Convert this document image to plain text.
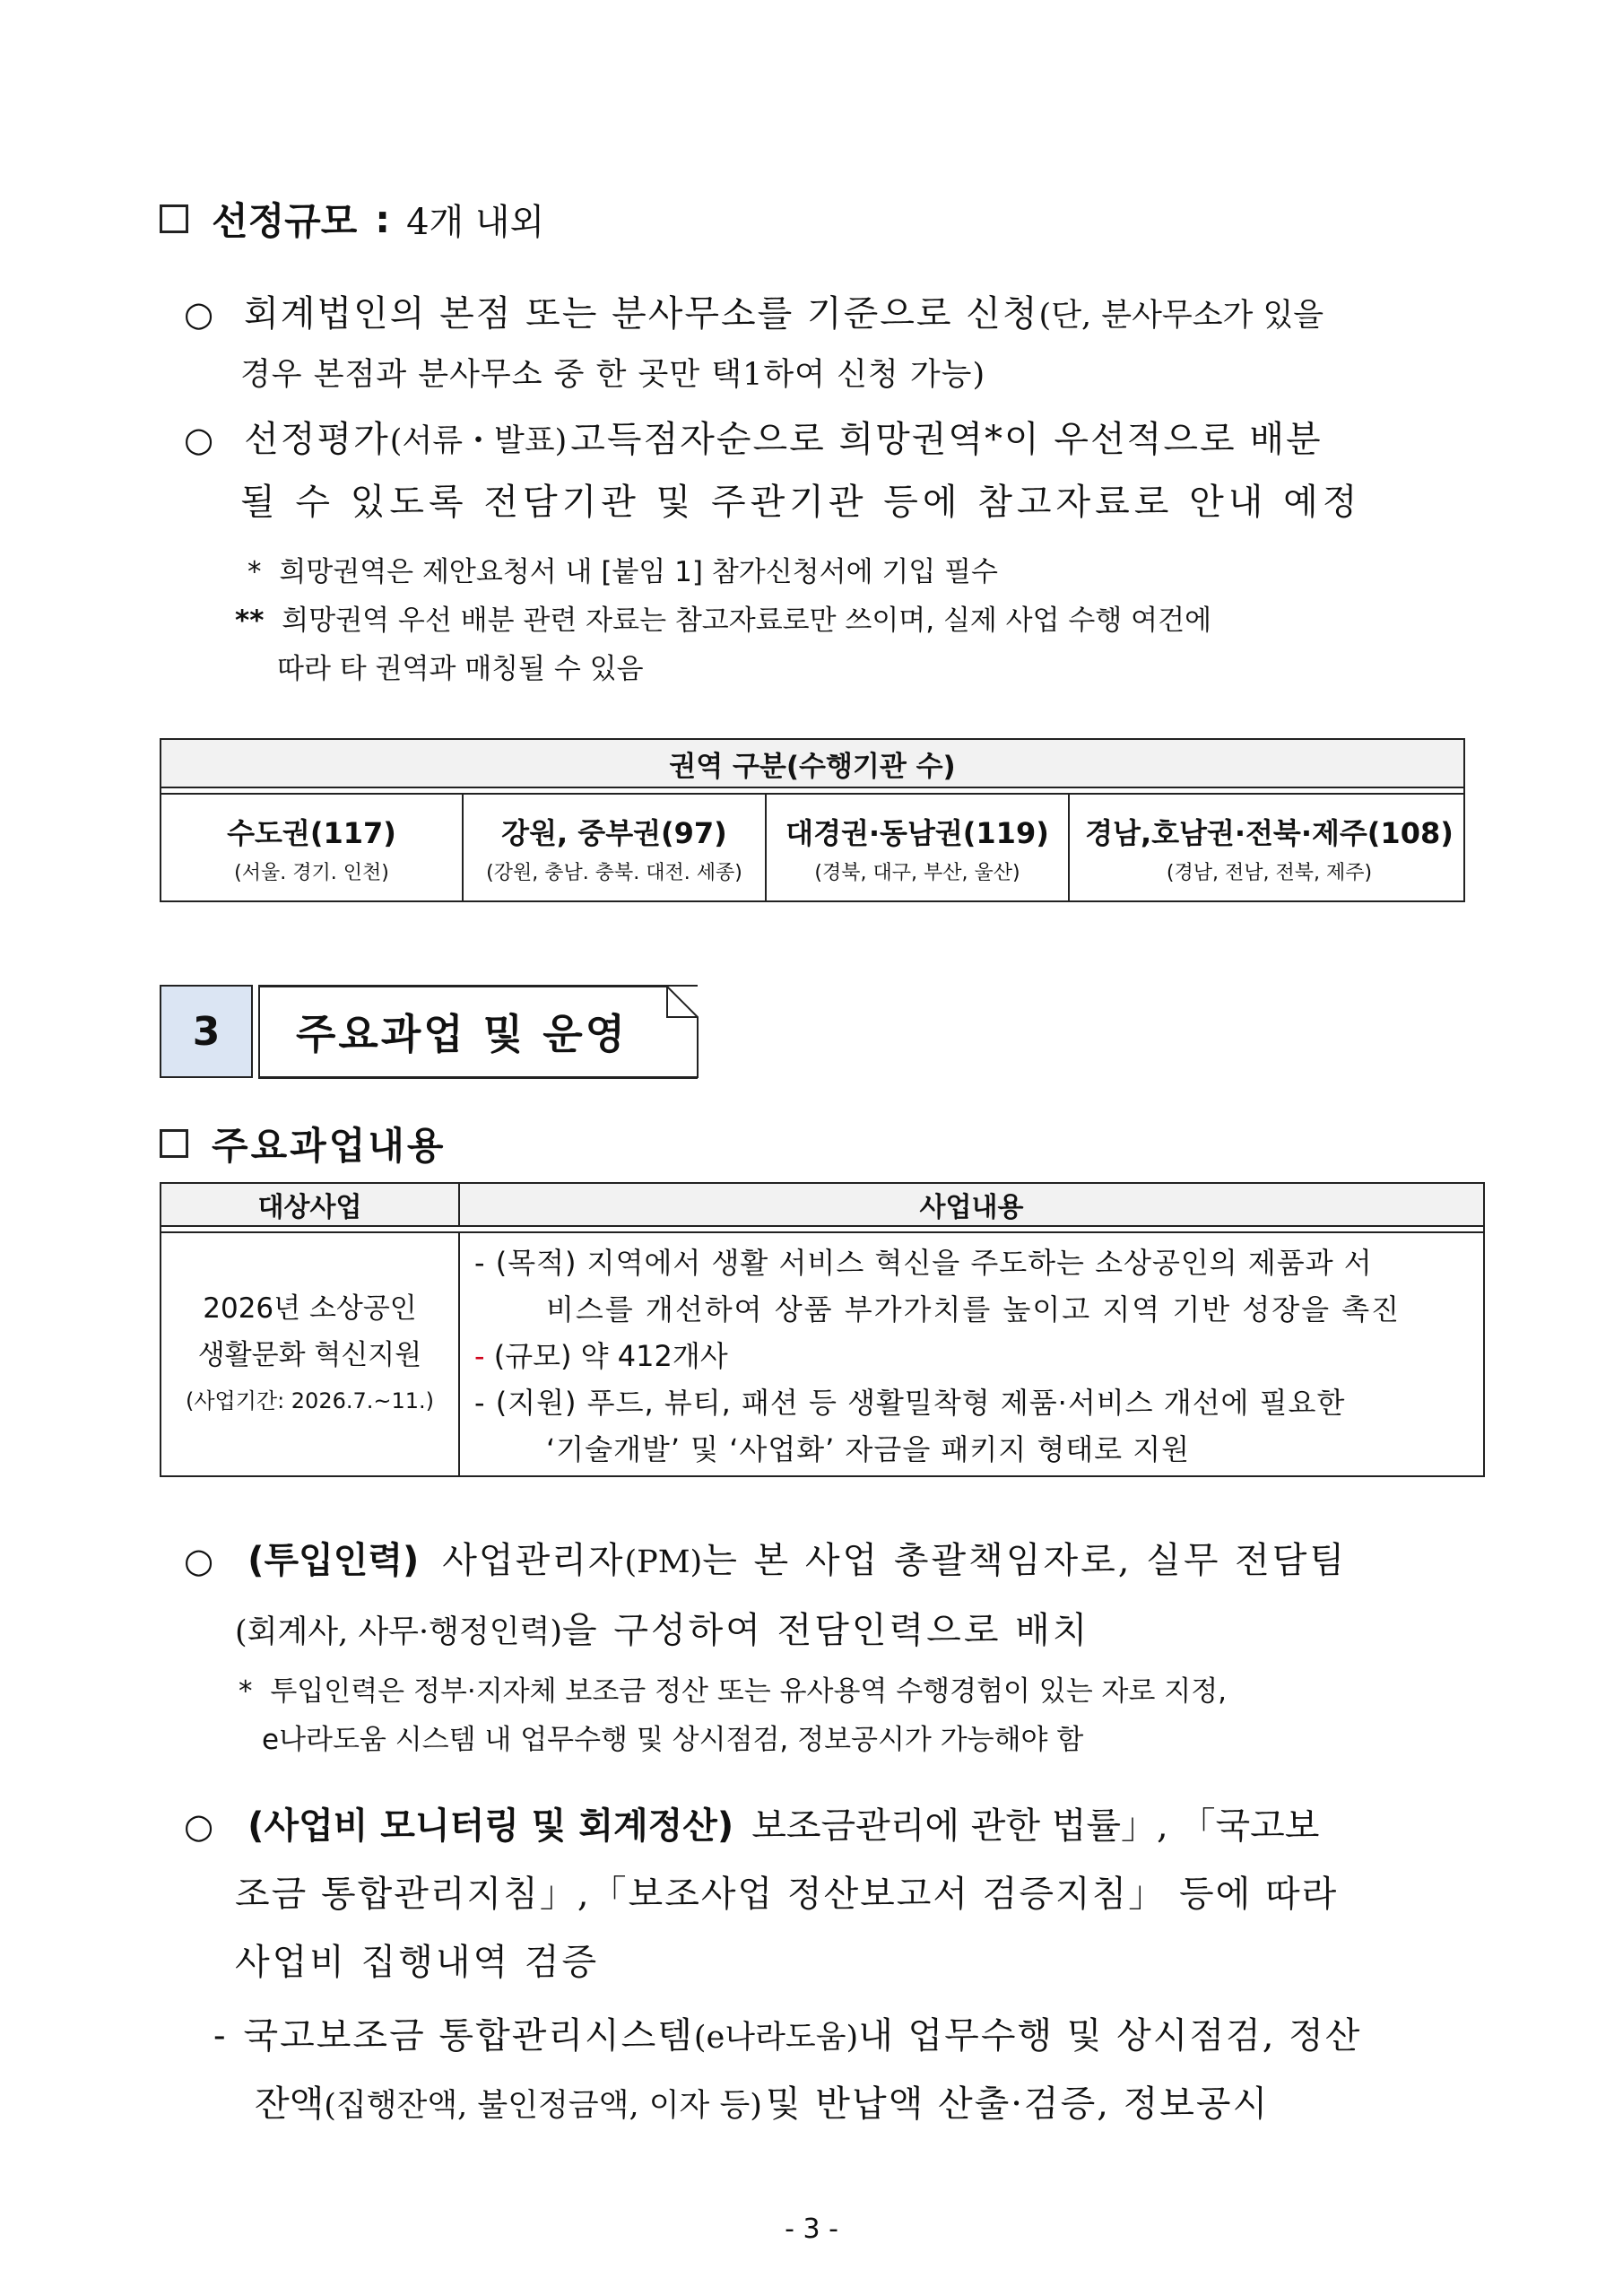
선정규모 : 4개 내외
○ 회계법인의 본점 또는 분사무소를 기준으로 신청(단, 분사무소가 있을
경우 본점과 분사무소 중 한 곳만 택1하여 신청 가능)
○ 선정평가(서류・발표) 고득점자순으로 희망권역*이 우선적으로 배분
될 수 있도록 전담기관 및 주관기관 등에 참고자료로 안내 예정
* 희망권역은 제안요청서 내 [붙임 1] 참가신청서에 기입 필수
** 희망권역 우선 배분 관련 자료는 참고자료로만 쓰이며, 실제 사업 수행 여건에
따라 타 권역과 매칭될 수 있음
권역 구분(수행기관 수)
수도권(117)
(서울. 경기. 인천)
강원, 중부권(97)
(강원, 충남. 충북. 대전. 세종)
대경권·동남권(119)
(경북, 대구, 부산, 울산)
경남,호남권·전북·제주(108)
(경남, 전남, 전북, 제주)
3	주요과업 및 운영
주요과업내용
대상사업	사업내용
2026년 소상공인
생활문화 혁신지원
(사업기간: 2026.7.~11.)
- (목적) 지역에서 생활 서비스 혁신을 주도하는 소상공인의 제품과 서
비스를 개선하여 상품 부가가치를 높이고 지역 기반 성장을 촉진
- (규모) 약 412개사
- (지원) 푸드, 뷰티, 패션 등 생활밀착형 제품·서비스 개선에 필요한
‘기술개발’ 및 ‘사업화’ 자금을 패키지 형태로 지원
○ (투입인력) 사업관리자(PM)는 본 사업 총괄책임자로, 실무 전담팀
(회계사, 사무·행정인력)을 구성하여 전담인력으로 배치
* 투입인력은 정부·지자체 보조금 정산 또는 유사용역 수행경험이 있는 자로 지정,
e나라도움 시스템 내 업무수행 및 상시점검, 정보공시가 가능해야 함
○ (사업비 모니터링 및 회계정산) 보조금관리에 관한 법률」, 「국고보
조금 통합관리지침」,「보조사업 정산보고서 검증지침」 등에 따라
사업비 집행내역 검증
- 국고보조금 통합관리시스템(e나라도움)내 업무수행 및 상시점검, 정산
잔액(집행잔액, 불인정금액, 이자 등) 및 반납액 산출·검증, 정보공시
- 3 -
